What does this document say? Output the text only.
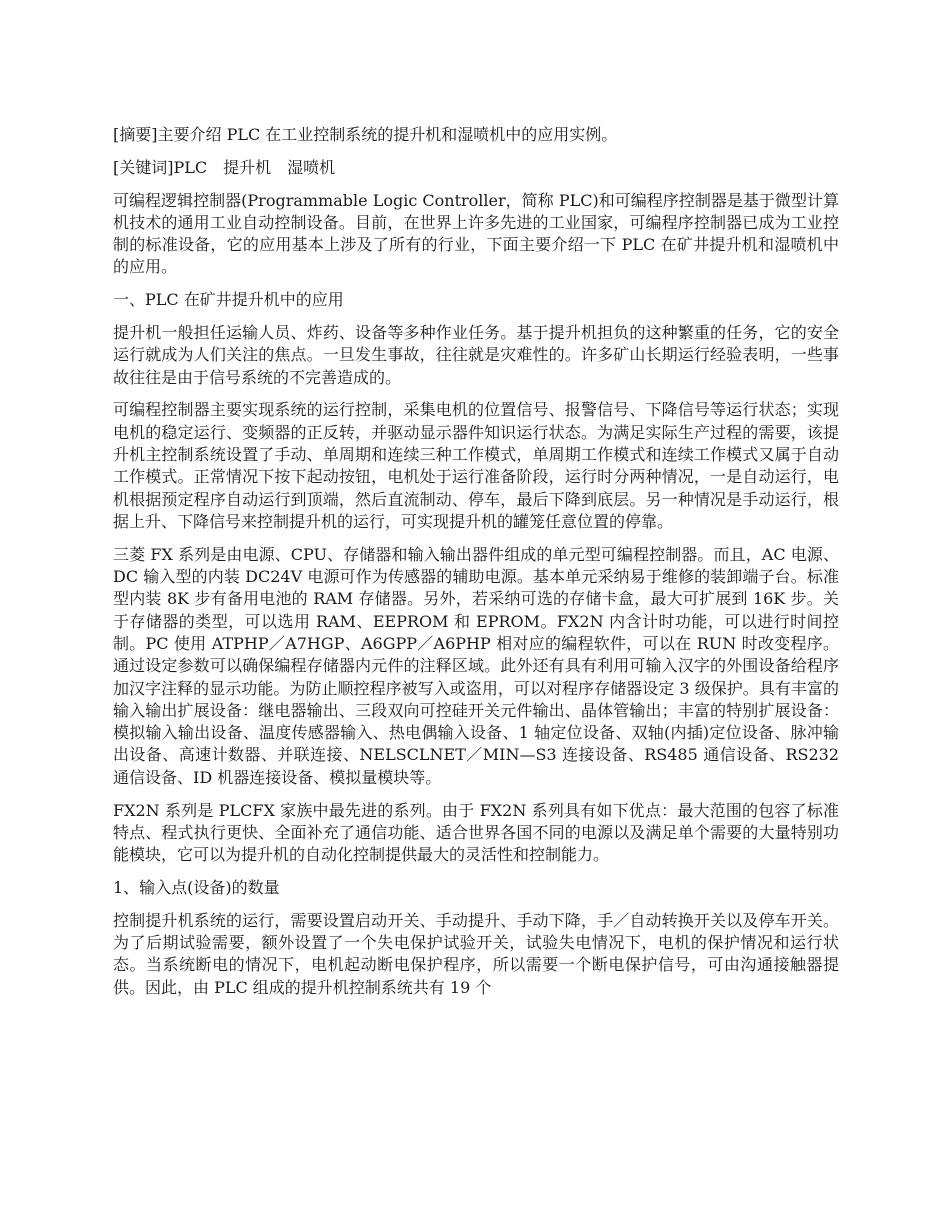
[摘要]主要介绍 PLC 在工业控制系统的提升机和湿喷机中的应用实例。

[关键词]PLC　提升机　湿喷机

可编程逻辑控制器(Programmable Logic Controller，简称 PLC)和可编程序控制器是基于微型计算机技术的通用工业自动控制设备。目前，在世界上许多先进的工业国家，可编程序控制器已成为工业控制的标准设备，它的应用基本上涉及了所有的行业，下面主要介绍一下 PLC 在矿井提升机和湿喷机中的应用。

一、PLC 在矿井提升机中的应用

提升机一般担任运输人员、炸药、设备等多种作业任务。基于提升机担负的这种繁重的任务，它的安全运行就成为人们关注的焦点。一旦发生事故，往往就是灾难性的。许多矿山长期运行经验表明，一些事故往往是由于信号系统的不完善造成的。

可编程控制器主要实现系统的运行控制，采集电机的位置信号、报警信号、下降信号等运行状态；实现电机的稳定运行、变频器的正反转，并驱动显示器件知识运行状态。为满足实际生产过程的需要，该提升机主控制系统设置了手动、单周期和连续三种工作模式，单周期工作模式和连续工作模式又属于自动工作模式。正常情况下按下起动按钮，电机处于运行准备阶段，运行时分两种情况，一是自动运行，电机根据预定程序自动运行到顶端，然后直流制动、停车，最后下降到底层。另一种情况是手动运行，根据上升、下降信号来控制提升机的运行，可实现提升机的罐笼任意位置的停靠。

三菱 FX 系列是由电源、CPU、存储器和输入输出器件组成的单元型可编程控制器。而且，AC 电源、DC 输入型的内装 DC24V 电源可作为传感器的辅助电源。基本单元采纳易于维修的装卸端子台。标准型内装 8K 步有备用电池的 RAM 存储器。另外，若采纳可选的存储卡盒，最大可扩展到 16K 步。关于存储器的类型，可以选用 RAM、EEPROM 和 EPROM。FX2N 内含计时功能，可以进行时间控制。PC 使用 ATPHP／A7HGP、A6GPP／A6PHP 相对应的编程软件，可以在 RUN 时改变程序。通过设定参数可以确保编程存储器内元件的注释区域。此外还有具有利用可输入汉字的外围设备给程序加汉字注释的显示功能。为防止顺控程序被写入或盗用，可以对程序存储器设定 3 级保护。具有丰富的输入输出扩展设备：继电器输出、三段双向可控硅开关元件输出、晶体管输出；丰富的特别扩展设备：模拟输入输出设备、温度传感器输入、热电偶输入设备、1 轴定位设备、双轴(内插)定位设备、脉冲输出设备、高速计数器、并联连接、NELSCLNET／MIN—S3 连接设备、RS485 通信设备、RS232 通信设备、ID 机器连接设备、模拟量模块等。

FX2N 系列是 PLCFX 家族中最先进的系列。由于 FX2N 系列具有如下优点：最大范围的包容了标准特点、程式执行更快、全面补充了通信功能、适合世界各国不同的电源以及满足单个需要的大量特别功能模块，它可以为提升机的自动化控制提供最大的灵活性和控制能力。

1、输入点(设备)的数量

控制提升机系统的运行，需要设置启动开关、手动提升、手动下降，手／自动转换开关以及停车开关。为了后期试验需要，额外设置了一个失电保护试验开关，试验失电情况下，电机的保护情况和运行状态。当系统断电的情况下，电机起动断电保护程序，所以需要一个断电保护信号，可由沟通接触器提供。因此，由 PLC 组成的提升机控制系统共有 19 个
